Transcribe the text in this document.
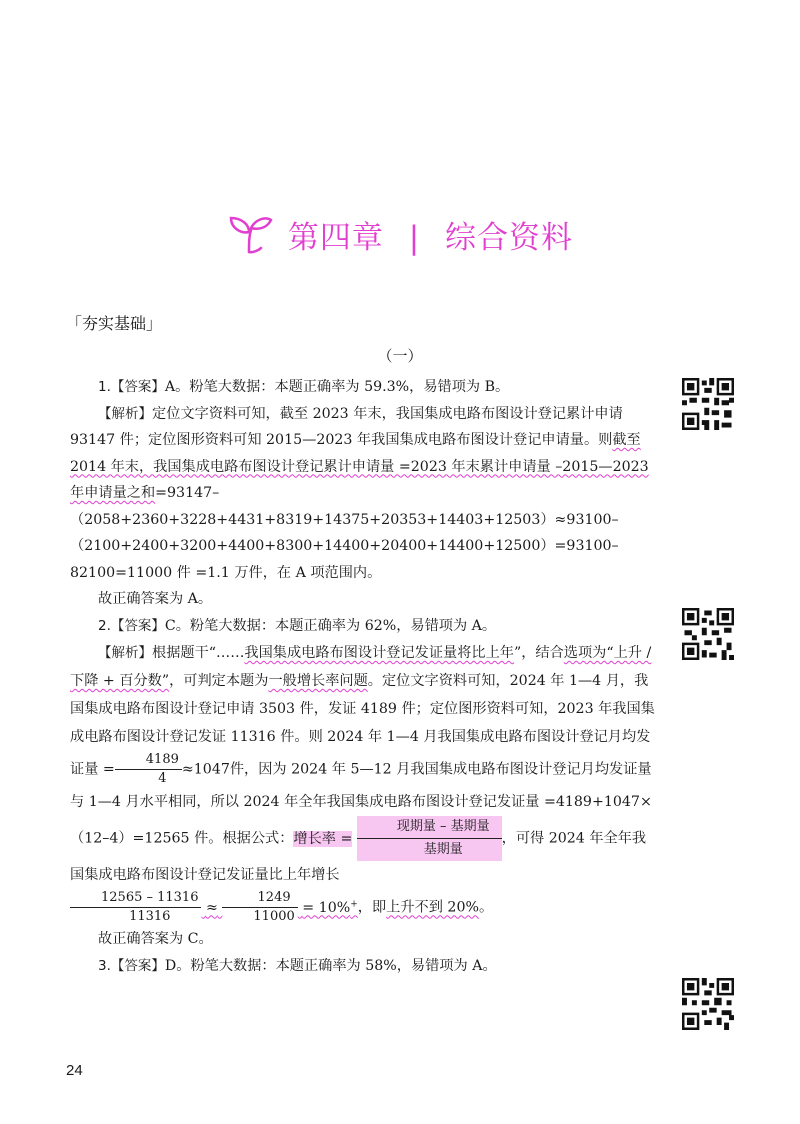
第四章 | 综合资料
「夯实基础」
（一）

1.【答案】A。粉笔大数据：本题正确率为 59.3%，易错项为 B。

【解析】定位文字资料可知，截至 2023 年末，我国集成电路布图设计登记累计申请 93147 件；定位图形资料可知 2015—2023 年我国集成电路布图设计登记申请量。则截至 2014 年末，我国集成电路布图设计登记累计申请量 =2023 年末累计申请量 –2015—2023 年申请量之和=93147–（2058+2360+3228+4431+8319+14375+20353+14403+12503）≈93100–（2100+2400+3200+4400+8300+14400+20400+14400+12500）=93100–82100=11000 件 =1.1 万件，在 A 项范围内。

故正确答案为 A。

2.【答案】C。粉笔大数据：本题正确率为 62%，易错项为 A。

【解析】根据题干“……我国集成电路布图设计登记发证量将比上年”，结合选项为“上升 / 下降 + 百分数”，可判定本题为一般增长率问题。定位文字资料可知，2024 年 1—4 月，我国集成电路布图设计登记申请 3503 件，发证 4189 件；定位图形资料可知，2023 年我国集成电路布图设计登记发证 11316 件。则 2024 年 1—4 月我国集成电路布图设计登记月均发证量 = $\frac{4189}{4} \approx 1047$件，因为 2024 年 5—12 月我国集成电路布图设计登记月均发证量与 1—4 月水平相同，所以 2024 年全年我国集成电路布图设计登记发证量 =4189+1047×（12–4）=12565 件。根据公式：增长率 = $\frac{\text{现期量 – 基期量}}{\text{基期量}}$ ，可得 2024 年全年我国集成电路布图设计登记发证量比上年增长

$\frac{12565 - 11316}{11316} \approx \frac{1249}{11000} = 10\%^+$，即上升不到 20%。

故正确答案为 C。

3.【答案】D。粉笔大数据：本题正确率为 58%，易错项为 A。

24
